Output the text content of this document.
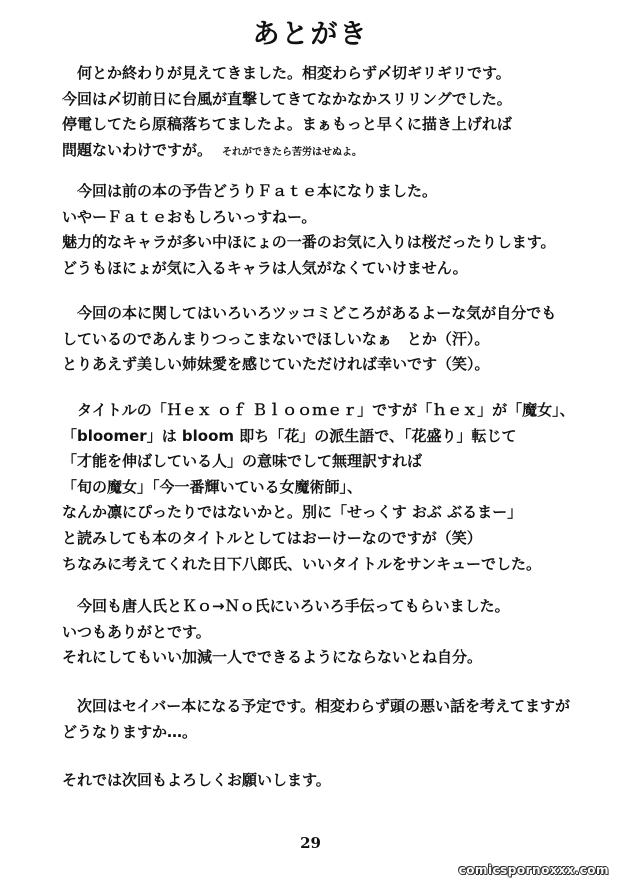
あとがき
　何とか終わりが見えてきました。相変わらず〆切ギリギリです。
今回は〆切前日に台風が直撃してきてなかなかスリリングでした。
停電してたら原稿落ちてましたよ。まぁもっと早くに描き上げれば
問題ないわけですが。 それができたら苦労はせぬよ。
　今回は前の本の予告どうりＦａｔｅ本になりました。
いやーＦａｔｅおもしろいっすねー。
魅力的なキャラが多い中ほにょの一番のお気に入りは桜だったりします。
どうもほにょが気に入るキャラは人気がなくていけません。
　今回の本に関してはいろいろツッコミどころがあるよーな気が自分でも
しているのであんまりつっこまないでほしいなぁ　とか（汗）。
とりあえず美しい姉妹愛を感じていただければ幸いです（笑）。
　タイトルの「Ｈｅｘ ｏｆ Ｂｌｏｏｍｅｒ」ですが「ｈｅｘ」が「魔女」、
「bloomer」は bloom 即ち「花」の派生語で、「花盛り」転じて
「才能を伸ばしている人」の意味でして無理訳すれば
「旬の魔女」「今一番輝いている女魔術師」、
なんか凛にぴったりではないかと。別に「せっくす おぶ ぶるまー」
と読みしても本のタイトルとしてはおーけーなのですが（笑）
ちなみに考えてくれた日下八郎氏、いいタイトルをサンキューでした。
　今回も唐人氏とＫｏ→Ｎｏ氏にいろいろ手伝ってもらいました。
いつもありがとです。
それにしてもいい加減一人でできるようにならないとね自分。
　次回はセイバー本になる予定です。相変わらず頭の悪い話を考えてますが
どうなりますか…。
それでは次回もよろしくお願いします。
29
comicspornoxxx.com
